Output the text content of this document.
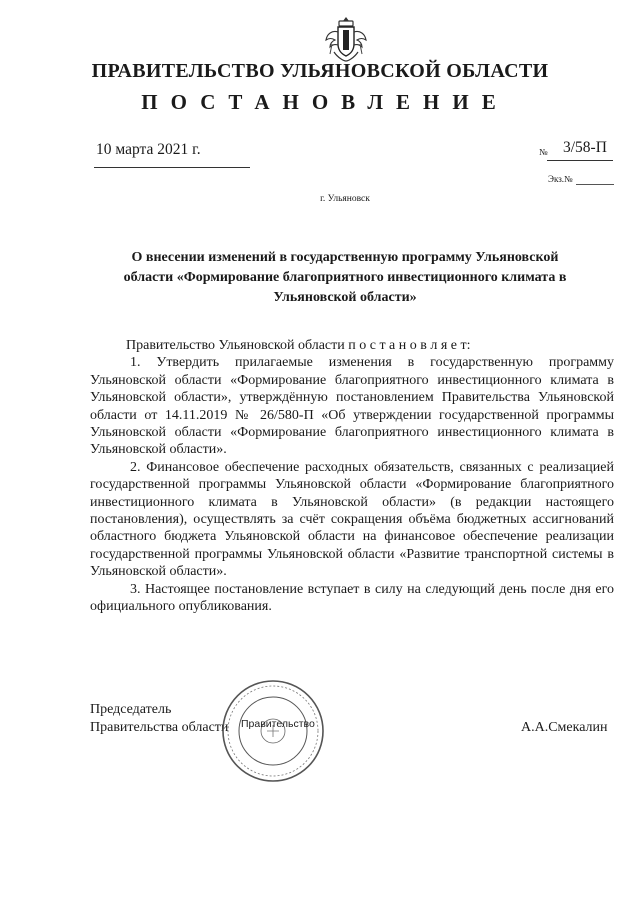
ПРАВИТЕЛЬСТВО УЛЬЯНОВСКОЙ ОБЛАСТИ
ПОСТАНОВЛЕНИЕ
10 марта 2021 г.	№ 3/58-П
Экз.№
г. Ульяновск
О внесении изменений в государственную программу Ульяновской области «Формирование благоприятного инвестиционного климата в Ульяновской области»

Правительство Ульяновской области п о с т а н о в л я е т:

1. Утвердить прилагаемые изменения в государственную программу Ульяновской области «Формирование благоприятного инвестиционного климата в Ульяновской области», утверждённую постановлением Правительства Ульяновской области от 14.11.2019 № 26/580-П «Об утверждении государственной программы Ульяновской области «Формирование благоприятного инвестиционного климата в Ульяновской области».

2. Финансовое обеспечение расходных обязательств, связанных с реализацией государственной программы Ульяновской области «Формирование благоприятного инвестиционного климата в Ульяновской области» (в редакции настоящего постановления), осуществлять за счёт сокращения объёма бюджетных ассигнований областного бюджета Ульяновской области на финансовое обеспечение реализации государственной программы Ульяновской области «Развитие транспортной системы в Ульяновской области».

3. Настоящее постановление вступает в силу на следующий день после дня его официального опубликования.

Председатель
Правительства области	А.А.Смекалин
Правительство
